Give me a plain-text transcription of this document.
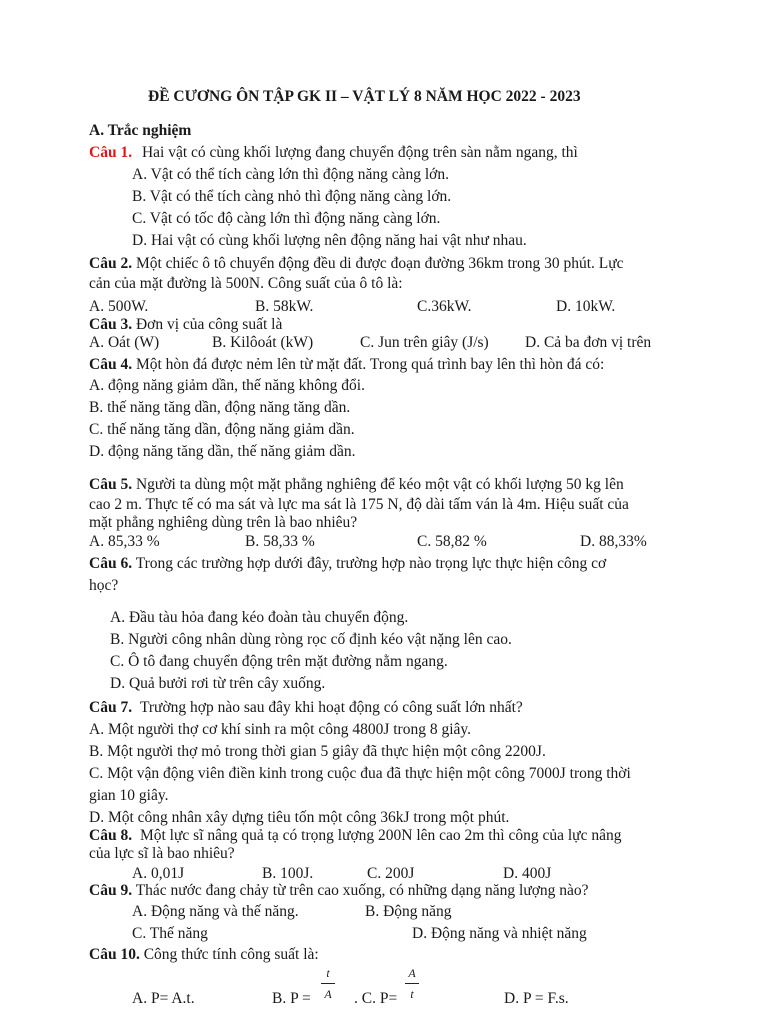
ĐỀ CƯƠNG ÔN TẬP GK II – VẬT LÝ 8 NĂM HỌC 2022 - 2023
A. Trắc nghiệm
Câu 1. Hai vật có cùng khối lượng đang chuyển động trên sàn nằm ngang, thì
A. Vật có thể tích càng lớn thì động năng càng lớn.
B. Vật có thể tích càng nhỏ thì động năng càng lớn.
C. Vật có tốc độ càng lớn thì động năng càng lớn.
D. Hai vật có cùng khối lượng nên động năng hai vật như nhau.
Câu 2. Một chiếc ô tô chuyển động đều di được đoạn đường 36km trong 30 phút. Lực
cản của mặt đường là 500N. Công suất của ô tô là:
A. 500W.	B. 58kW.	C.36kW.	D. 10kW.
Câu 3. Đơn vị của công suất là
A. Oát (W)	B. Kilôoát (kW)	C. Jun trên giây (J/s) D. Cả ba đơn vị trên
Câu 4. Một hòn đá được nẻm lên từ mặt đất. Trong quá trình bay lên thì hòn đá có:
A. động năng giảm dần, thế năng không đổi.
B. thế năng tăng dần, động năng tăng dần.
C. thế năng tăng dần, động năng giảm dần.
D. động năng tăng dần, thế năng giảm dần.
Câu 5. Người ta dùng một mặt phẳng nghiêng để kéo một vật có khối lượng 50 kg lên
cao 2 m. Thực tế có ma sát và lực ma sát là 175 N, độ dài tấm ván là 4m. Hiệu suất của
mặt phẳng nghiêng dùng trên là bao nhiêu?
A. 85,33 %	B. 58,33 %	C. 58,82 %	D. 88,33%
Câu 6. Trong các trường hợp dưới đây, trường hợp nào trọng lực thực hiện công cơ
học?
A. Đầu tàu hỏa đang kéo đoàn tàu chuyển động.
B. Người công nhân dùng ròng rọc cố định kéo vật nặng lên cao.
C. Ô tô đang chuyển động trên mặt đường nằm ngang.
D. Quả bưởi rơi từ trên cây xuống.
Câu 7. Trường hợp nào sau đây khi hoạt động có công suất lớn nhất?
A. Một người thợ cơ khí sinh ra một công 4800J trong 8 giây.
B. Một người thợ mỏ trong thời gian 5 giây đã thực hiện một công 2200J.
C. Một vận động viên điền kinh trong cuộc đua đã thực hiện một công 7000J trong thời
gian 10 giây.
D. Một công nhân xây dựng tiêu tốn một công 36kJ trong một phút.
Câu 8. Một lực sĩ nâng quả tạ có trọng lượng 200N lên cao 2m thì công của lực nâng
của lực sĩ là bao nhiêu?
A. 0,01J	B. 100J.	C. 200J	D. 400J
Câu 9. Thác nước đang chảy từ trên cao xuống, có những dạng năng lượng nào?
A. Động năng và thế năng.	B. Động năng
C. Thế năng	D. Động năng và nhiệt năng
Câu 10. Công thức tính công suất là:
A. P= A.t.	B. P =
t
A . C. P=
A
t	D. P = F.s.
